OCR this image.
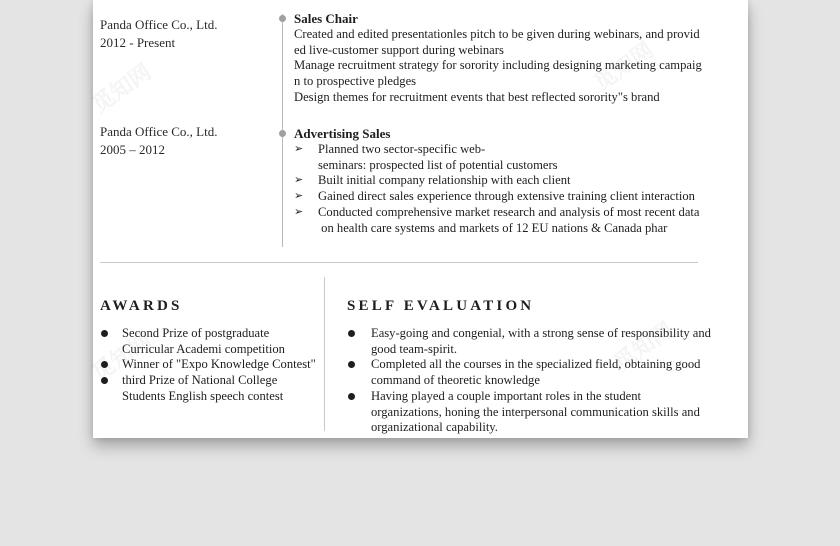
Panda Office Co., Ltd.
2012 - Present
Sales Chair
Created and edited presentationles pitch to be given during webinars, and provid
ed live-customer support during webinars
Manage recruitment strategy for sorority including designing marketing campaig
n to prospective pledges
Design themes for recruitment events that best reflected sorority"s brand
Panda Office Co., Ltd.
2005 – 2012
Advertising Sales
➢ Planned two sector-specific web-
seminars: prospected list of potential customers
➢ Built initial company relationship with each client
➢ Gained direct sales experience through extensive training client interaction
➢ Conducted comprehensive market research and analysis of most recent data
on health care systems and markets of 12 EU nations & Canada phar
AWARDS
Second Prize of postgraduate
Curricular Academi competition
Winner of "Expo Knowledge Contest"
third Prize of National College
Students English speech contest
SELF EVALUATION
Easy-going and congenial, with a strong sense of responsibility and
good team-spirit.
Completed all the courses in the specialized field, obtaining good
command of theoretic knowledge
Having played a couple important roles in the student
organizations, honing the interpersonal communication skills and
organizational capability.
